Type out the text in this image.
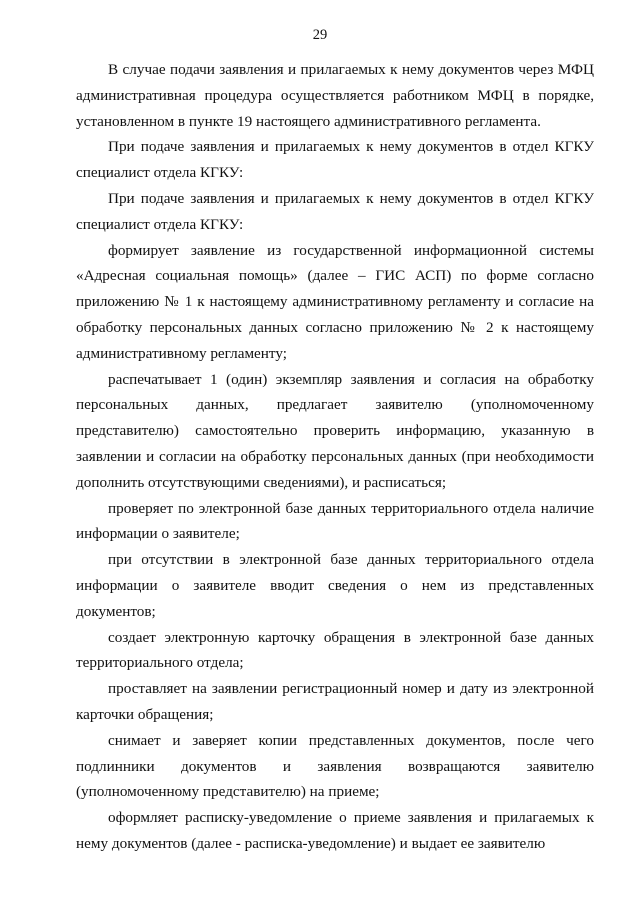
29

В случае подачи заявления и прилагаемых к нему документов через МФЦ административная процедура осуществляется работником МФЦ в порядке, установленном в пункте 19 настоящего административного регламента.

При подаче заявления и прилагаемых к нему документов в отдел КГКУ специалист отдела КГКУ:

При подаче заявления и прилагаемых к нему документов в отдел КГКУ специалист отдела КГКУ:

формирует заявление из государственной информационной системы «Адресная социальная помощь» (далее – ГИС АСП) по форме согласно приложению № 1 к настоящему административному регламенту и согласие на обработку персональных данных согласно приложению № 2 к настоящему административному регламенту;

распечатывает 1 (один) экземпляр заявления и согласия на обработку персональных данных, предлагает заявителю (уполномоченному представителю) самостоятельно проверить информацию, указанную в заявлении и согласии на обработку персональных данных (при необходимости дополнить отсутствующими сведениями), и расписаться;

проверяет по электронной базе данных территориального отдела наличие информации о заявителе;

при отсутствии в электронной базе данных территориального отдела информации о заявителе вводит сведения о нем из представленных документов;

создает электронную карточку обращения в электронной базе данных территориального отдела;

проставляет на заявлении регистрационный номер и дату из электронной карточки обращения;

снимает и заверяет копии представленных документов, после чего подлинники документов и заявления возвращаются заявителю (уполномоченному представителю) на приеме;

оформляет расписку-уведомление о приеме заявления и прилагаемых к нему документов (далее - расписка-уведомление) и выдает ее заявителю
